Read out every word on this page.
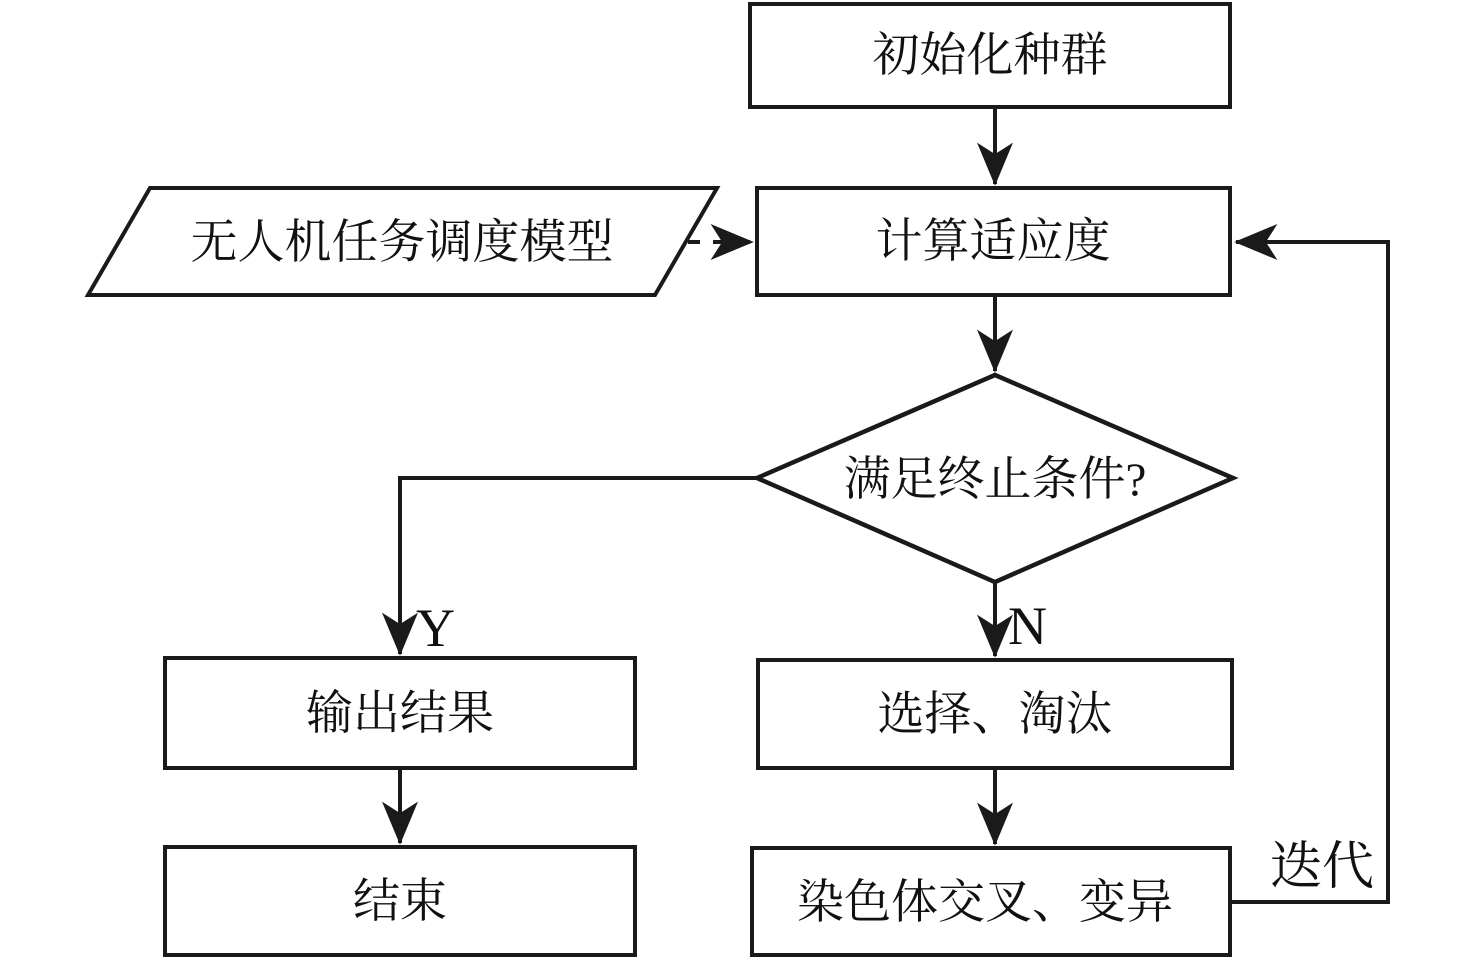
初始化种群
无人机任务调度模型	计算适应度
满足终止条件?
输出结果
结束
选择、淘汰
染色体交叉、变异
Y	N
迭代
